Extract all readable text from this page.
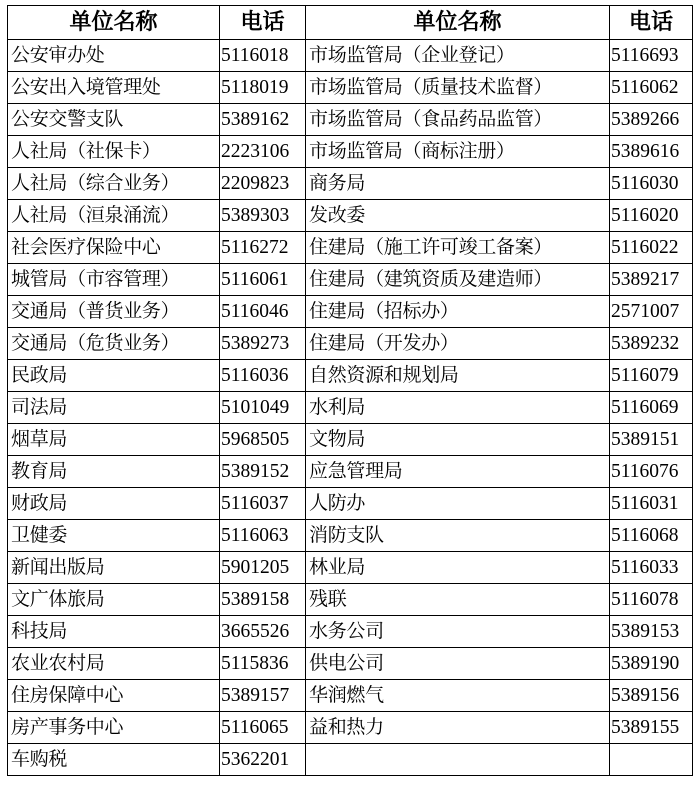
单位名称	电话	单位名称	电话
公安审办处	5116018	市场监管局（企业登记）	5116693
公安出入境管理处	5118019	市场监管局（质量技术监督）	5116062
公安交警支队	5389162	市场监管局（食品药品监管）	5389266
人社局（社保卡）	2223106	市场监管局（商标注册）	5389616
人社局（综合业务）	2209823	商务局	5116030
人社局（洹泉涌流）	5389303	发改委	5116020
社会医疗保险中心	5116272	住建局（施工许可竣工备案）	5116022
城管局（市容管理）	5116061	住建局（建筑资质及建造师）	5389217
交通局（普货业务）	5116046	住建局（招标办）	2571007
交通局（危货业务）	5389273	住建局（开发办）	5389232
民政局	5116036	自然资源和规划局	5116079
司法局	5101049	水利局	5116069
烟草局	5968505	文物局	5389151
教育局	5389152	应急管理局	5116076
财政局	5116037	人防办	5116031
卫健委	5116063	消防支队	5116068
新闻出版局	5901205	林业局	5116033
文广体旅局	5389158	残联	5116078
科技局	3665526	水务公司	5389153
农业农村局	5115836	供电公司	5389190
住房保障中心	5389157	华润燃气	5389156
房产事务中心	5116065	益和热力	5389155
车购税	5362201		
